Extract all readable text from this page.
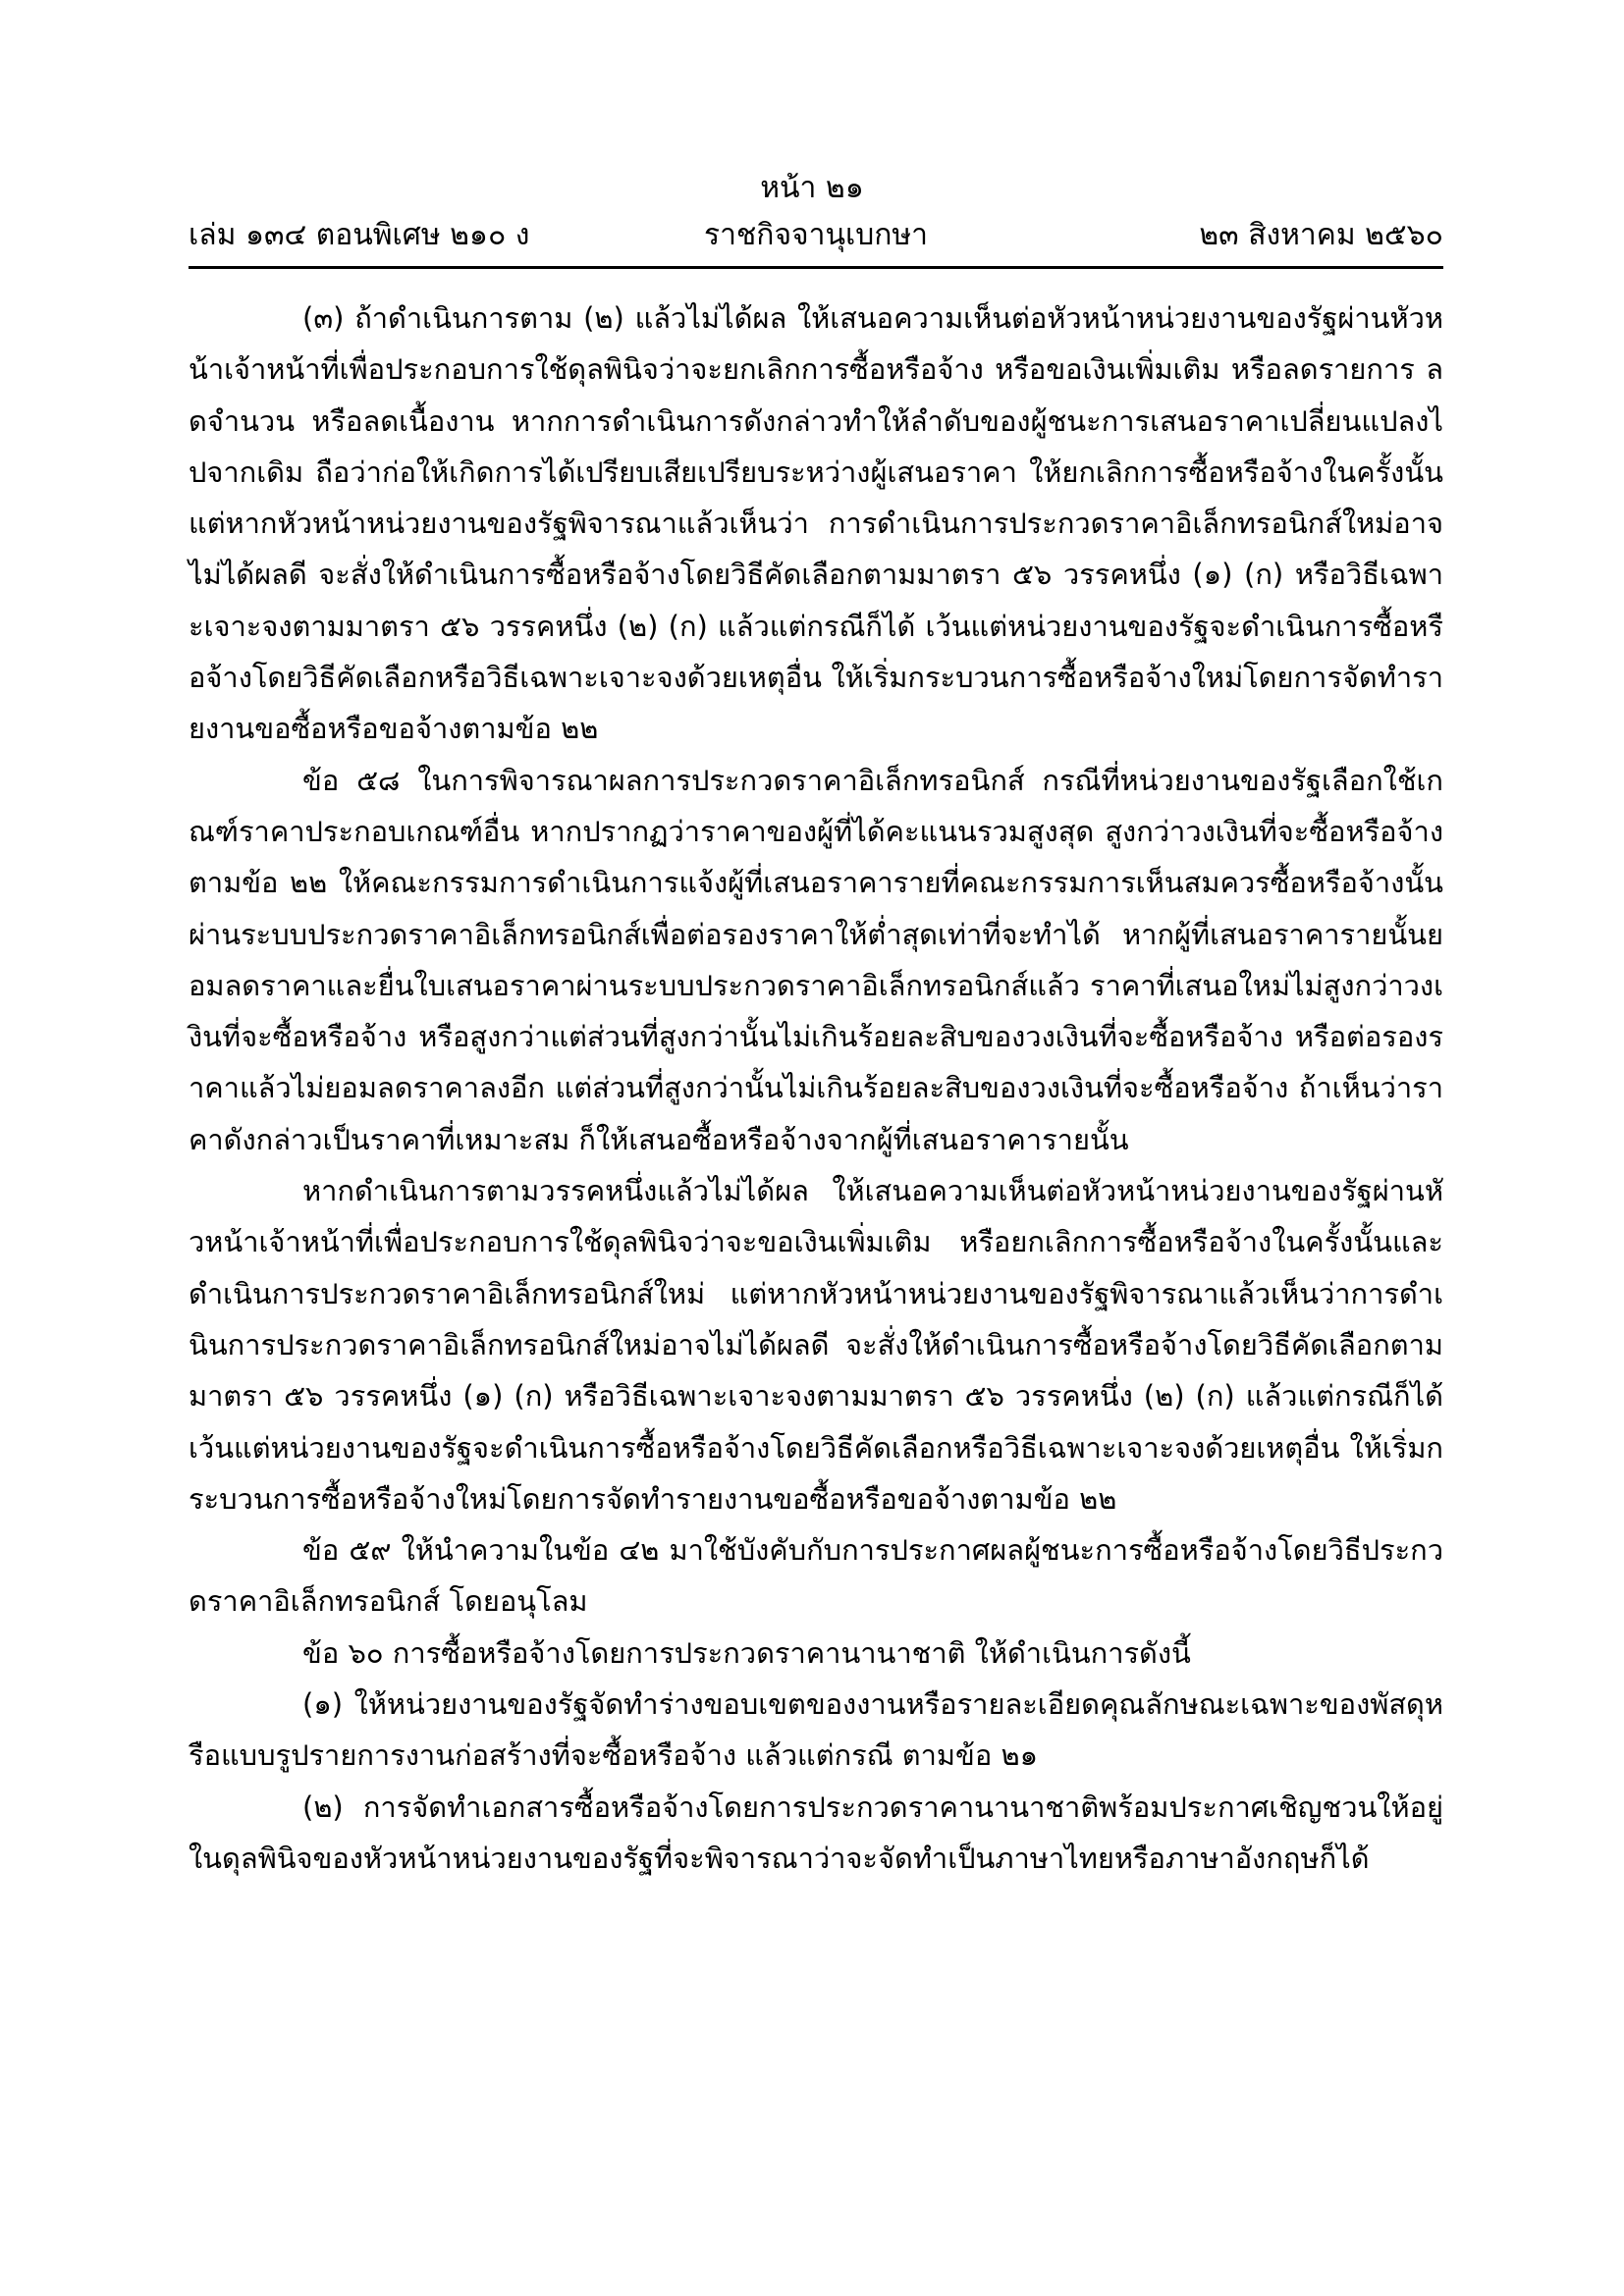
หน้า ๒๑
ราชกิจจานุเบกษา
เล่ม ๑๓๔ ตอนพิเศษ ๒๑๐ ง	๒๓ สิงหาคม ๒๕๖๐

(๓) ถ้าดำเนินการตาม (๒) แล้วไม่ได้ผล ให้เสนอความเห็นต่อหัวหน้าหน่วยงานของรัฐผ่านหัวหน้าเจ้าหน้าที่เพื่อประกอบการใช้ดุลพินิจว่าจะยกเลิกการซื้อหรือจ้าง หรือขอเงินเพิ่มเติม หรือลดรายการ ลดจำนวน หรือลดเนื้องาน หากการดำเนินการดังกล่าวทำให้ลำดับของผู้ชนะการเสนอราคาเปลี่ยนแปลงไปจากเดิม ถือว่าก่อให้เกิดการได้เปรียบเสียเปรียบระหว่างผู้เสนอราคา ให้ยกเลิกการซื้อหรือจ้างในครั้งนั้น แต่หากหัวหน้าหน่วยงานของรัฐพิจารณาแล้วเห็นว่า การดำเนินการประกวดราคาอิเล็กทรอนิกส์ใหม่อาจไม่ได้ผลดี จะสั่งให้ดำเนินการซื้อหรือจ้างโดยวิธีคัดเลือกตามมาตรา ๕๖ วรรคหนึ่ง (๑) (ก) หรือวิธีเฉพาะเจาะจงตามมาตรา ๕๖ วรรคหนึ่ง (๒) (ก) แล้วแต่กรณีก็ได้ เว้นแต่หน่วยงานของรัฐจะดำเนินการซื้อหรือจ้างโดยวิธีคัดเลือกหรือวิธีเฉพาะเจาะจงด้วยเหตุอื่น ให้เริ่มกระบวนการซื้อหรือจ้างใหม่โดยการจัดทำรายงานขอซื้อหรือขอจ้างตามข้อ ๒๒

ข้อ ๕๘ ในการพิจารณาผลการประกวดราคาอิเล็กทรอนิกส์ กรณีที่หน่วยงานของรัฐเลือกใช้เกณฑ์ราคาประกอบเกณฑ์อื่น หากปรากฏว่าราคาของผู้ที่ได้คะแนนรวมสูงสุด สูงกว่าวงเงินที่จะซื้อหรือจ้างตามข้อ ๒๒ ให้คณะกรรมการดำเนินการแจ้งผู้ที่เสนอราคารายที่คณะกรรมการเห็นสมควรซื้อหรือจ้างนั้นผ่านระบบประกวดราคาอิเล็กทรอนิกส์เพื่อต่อรองราคาให้ต่ำสุดเท่าที่จะทำได้ หากผู้ที่เสนอราคารายนั้นยอมลดราคาและยื่นใบเสนอราคาผ่านระบบประกวดราคาอิเล็กทรอนิกส์แล้ว ราคาที่เสนอใหม่ไม่สูงกว่าวงเงินที่จะซื้อหรือจ้าง หรือสูงกว่าแต่ส่วนที่สูงกว่านั้นไม่เกินร้อยละสิบของวงเงินที่จะซื้อหรือจ้าง หรือต่อรองราคาแล้วไม่ยอมลดราคาลงอีก แต่ส่วนที่สูงกว่านั้นไม่เกินร้อยละสิบของวงเงินที่จะซื้อหรือจ้าง ถ้าเห็นว่าราคาดังกล่าวเป็นราคาที่เหมาะสม ก็ให้เสนอซื้อหรือจ้างจากผู้ที่เสนอราคารายนั้น

หากดำเนินการตามวรรคหนึ่งแล้วไม่ได้ผล ให้เสนอความเห็นต่อหัวหน้าหน่วยงานของรัฐผ่านหัวหน้าเจ้าหน้าที่เพื่อประกอบการใช้ดุลพินิจว่าจะขอเงินเพิ่มเติม หรือยกเลิกการซื้อหรือจ้างในครั้งนั้นและดำเนินการประกวดราคาอิเล็กทรอนิกส์ใหม่ แต่หากหัวหน้าหน่วยงานของรัฐพิจารณาแล้วเห็นว่าการดำเนินการประกวดราคาอิเล็กทรอนิกส์ใหม่อาจไม่ได้ผลดี จะสั่งให้ดำเนินการซื้อหรือจ้างโดยวิธีคัดเลือกตามมาตรา ๕๖ วรรคหนึ่ง (๑) (ก) หรือวิธีเฉพาะเจาะจงตามมาตรา ๕๖ วรรคหนึ่ง (๒) (ก) แล้วแต่กรณีก็ได้ เว้นแต่หน่วยงานของรัฐจะดำเนินการซื้อหรือจ้างโดยวิธีคัดเลือกหรือวิธีเฉพาะเจาะจงด้วยเหตุอื่น ให้เริ่มกระบวนการซื้อหรือจ้างใหม่โดยการจัดทำรายงานขอซื้อหรือขอจ้างตามข้อ ๒๒

ข้อ ๕๙ ให้นำความในข้อ ๔๒ มาใช้บังคับกับการประกาศผลผู้ชนะการซื้อหรือจ้างโดยวิธีประกวดราคาอิเล็กทรอนิกส์ โดยอนุโลม

ข้อ ๖๐ การซื้อหรือจ้างโดยการประกวดราคานานาชาติ ให้ดำเนินการดังนี้

(๑) ให้หน่วยงานของรัฐจัดทำร่างขอบเขตของงานหรือรายละเอียดคุณลักษณะเฉพาะของพัสดุหรือแบบรูปรายการงานก่อสร้างที่จะซื้อหรือจ้าง แล้วแต่กรณี ตามข้อ ๒๑

(๒) การจัดทำเอกสารซื้อหรือจ้างโดยการประกวดราคานานาชาติพร้อมประกาศเชิญชวนให้อยู่ในดุลพินิจของหัวหน้าหน่วยงานของรัฐที่จะพิจารณาว่าจะจัดทำเป็นภาษาไทยหรือภาษาอังกฤษก็ได้
